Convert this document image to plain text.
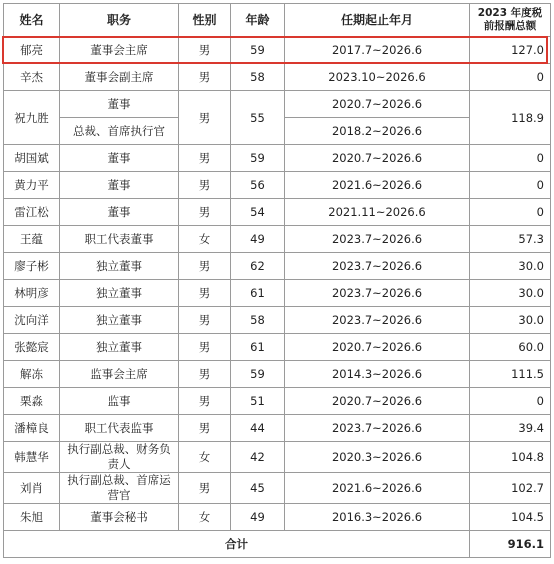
姓名	职务	性别	年龄	任期起止年月	2023 年度税
前报酬总额

郁亮	董事会主席	男	59	2017.7~2026.6	127.0
辛杰	董事会副主席	男	58	2023.10~2026.6	0
祝九胜	董事	男	55	2020.7~2026.6	118.9
	总裁、首席执行官			2018.2~2026.6	
胡国斌	董事	男	59	2020.7~2026.6	0
黄力平	董事	男	56	2021.6~2026.6	0
雷江松	董事	男	54	2021.11~2026.6	0
王蕴	职工代表董事	女	49	2023.7~2026.6	57.3
廖子彬	独立董事	男	62	2023.7~2026.6	30.0
林明彦	独立董事	男	61	2023.7~2026.6	30.0
沈向洋	独立董事	男	58	2023.7~2026.6	30.0
张懿宸	独立董事	男	61	2020.7~2026.6	60.0
解冻	监事会主席	男	59	2014.3~2026.6	111.5
栗淼	监事	男	51	2020.7~2026.6	0
潘樟良	职工代表监事	男	44	2023.7~2026.6	39.4
韩慧华	执行副总裁、财务负责人	女	42	2020.3~2026.6	104.8
刘肖	执行副总裁、首席运营官	男	45	2021.6~2026.6	102.7
朱旭	董事会秘书	女	49	2016.3~2026.6	104.5
合计					916.1
